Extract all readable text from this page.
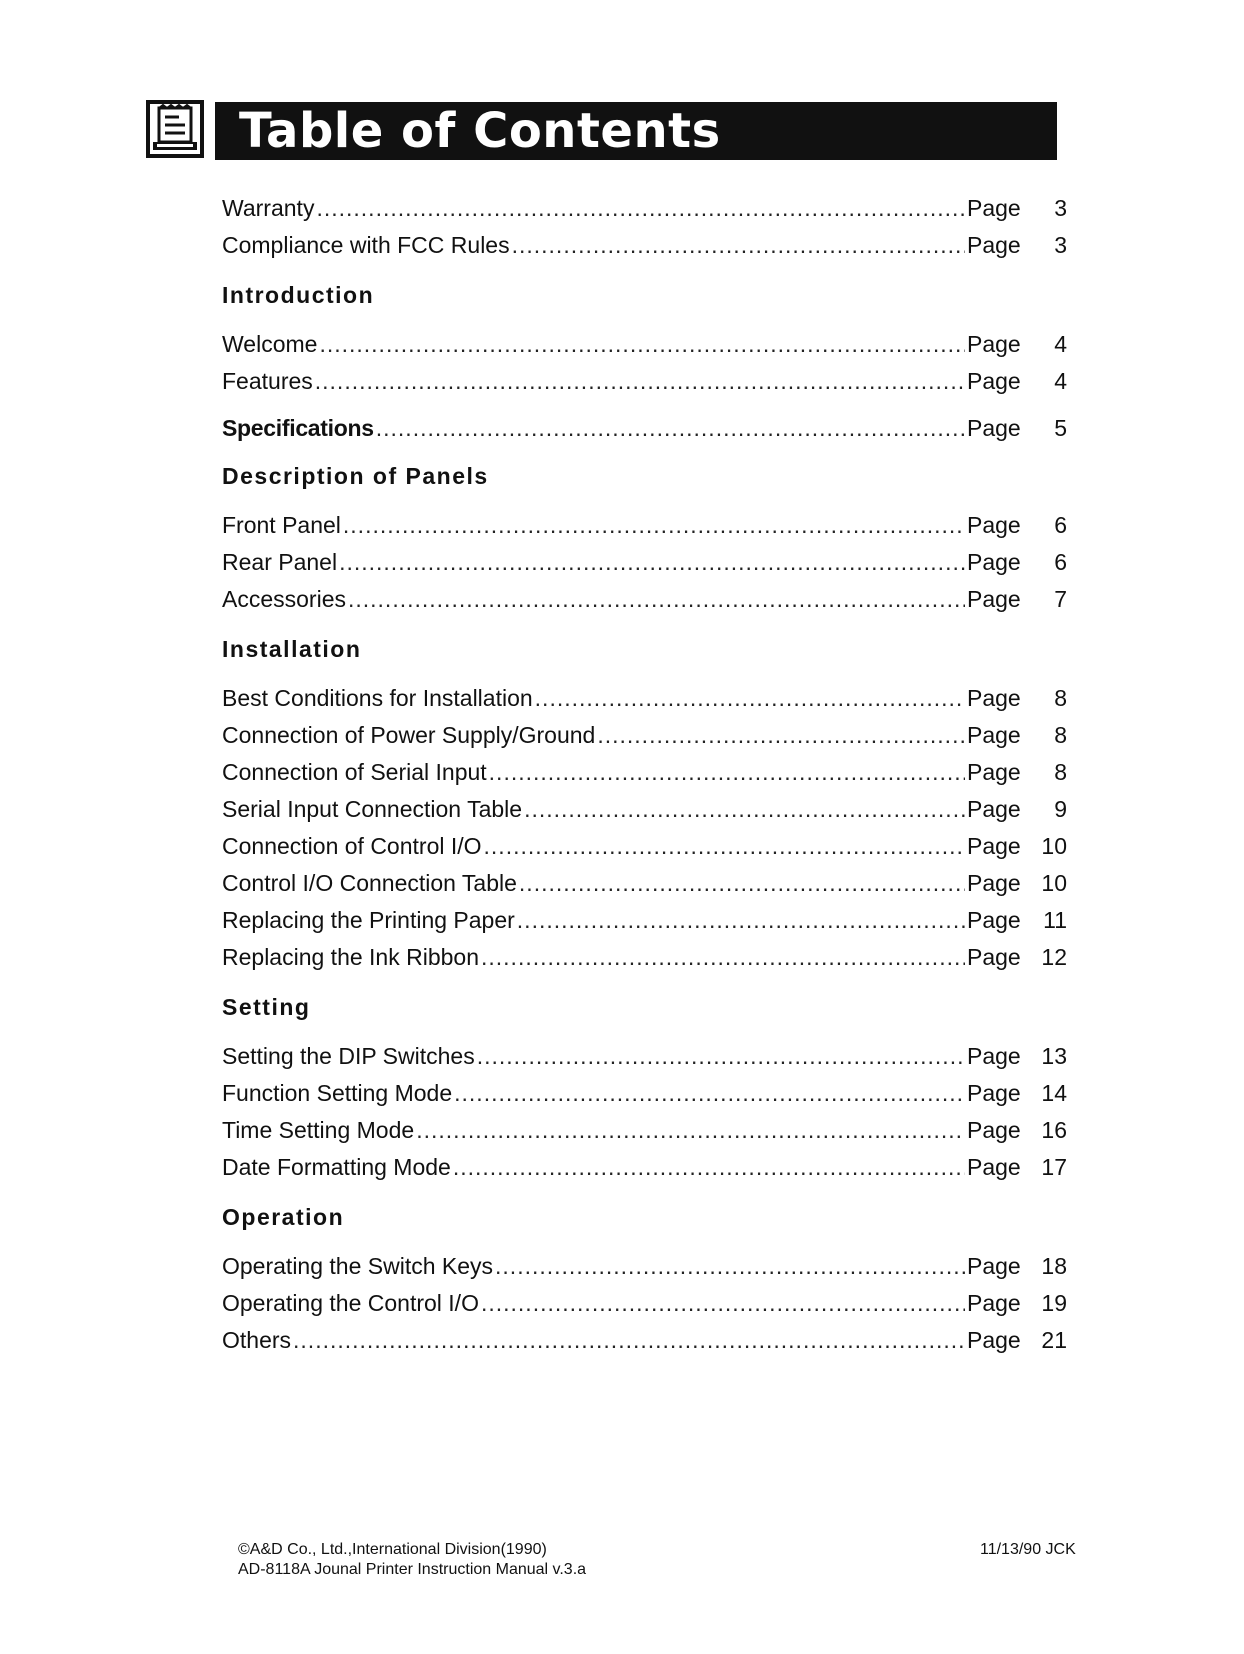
Table of Contents
Warranty .....	Page	3
Compliance with FCC Rules .....	Page	3
Introduction
Welcome .....	Page	4
Features .....	Page	4
Specifications .....	Page	5
Description of Panels
Front Panel .....	Page	6
Rear Panel .....	Page	6
Accessories .....	Page	7
Installation
Best Conditions for Installation .....	Page	8
Connection of Power Supply/Ground .....	Page	8
Connection of Serial Input .....	Page	8
Serial Input Connection Table .....	Page	9
Connection of Control I/O .....	Page 10
Control I/O Connection Table .....	Page 10
Replacing the Printing Paper .....	Page 11
Replacing the Ink Ribbon .....	Page 12
Setting
Setting the DIP Switches .....	Page 13
Function Setting Mode .....	Page 14
Time Setting Mode .....	Page 16
Date Formatting Mode .....	Page 17
Operation
Operating the Switch Keys .....	Page 18
Operating the Control I/O .....	Page 19
Others .....	Page 21
©A&D Co., Ltd.,International Division(1990)
AD-8118A Jounal Printer Instruction Manual v.3.a
11/13/90 JCK
